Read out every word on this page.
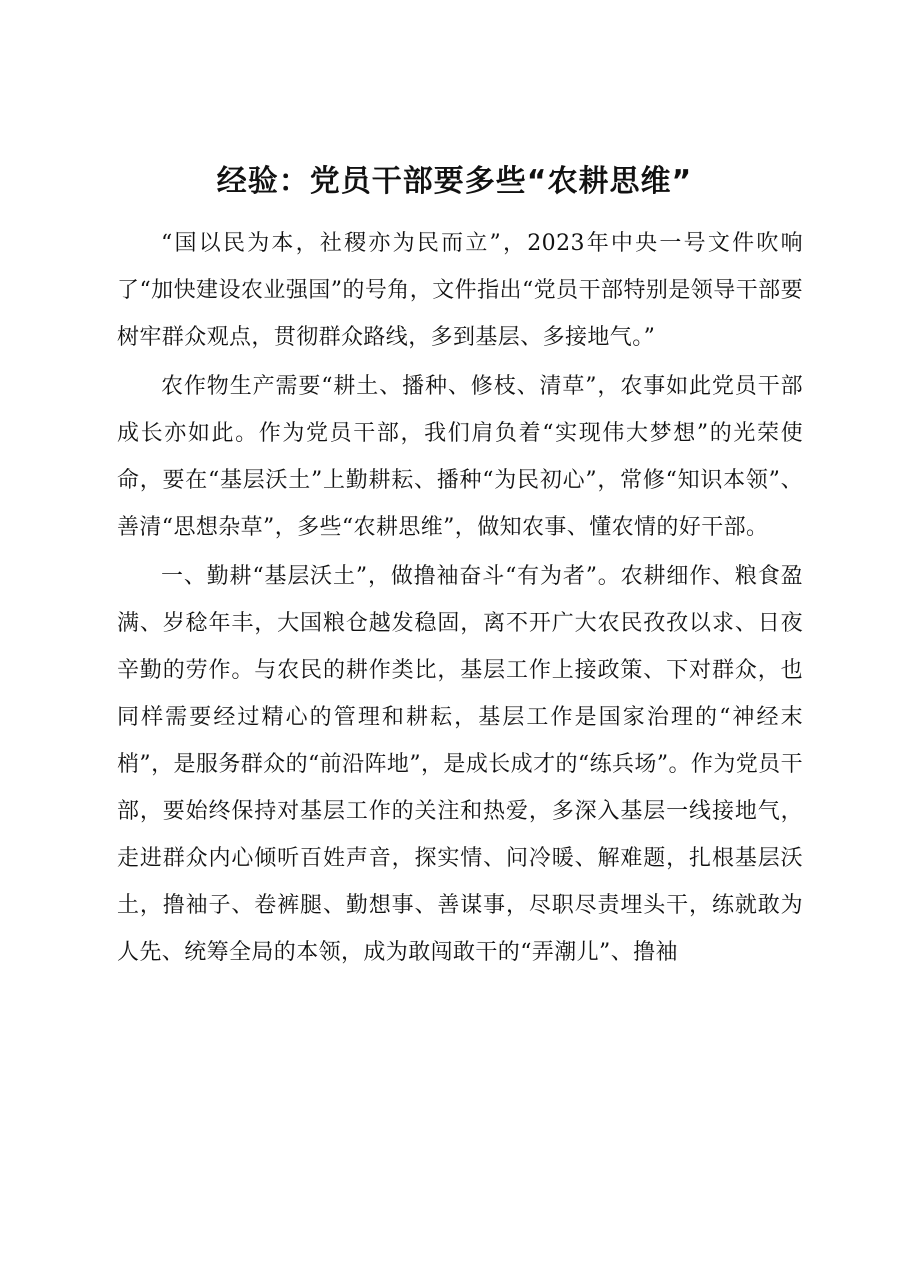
经验：党员干部要多些“农耕思维”

“国以民为本，社稷亦为民而立”，2023年中央一号文件吹响了“加快建设农业强国”的号角，文件指出“党员干部特别是领导干部要树牢群众观点，贯彻群众路线，多到基层、多接地气。”

农作物生产需要“耕土、播种、修枝、清草”，农事如此党员干部成长亦如此。作为党员干部，我们肩负着“实现伟大梦想”的光荣使命，要在“基层沃土”上勤耕耘、播种“为民初心”，常修“知识本领”、善清“思想杂草”，多些“农耕思维”，做知农事、懂农情的好干部。

一、勤耕“基层沃土”，做撸袖奋斗“有为者”。农耕细作、粮食盈满、岁稔年丰，大国粮仓越发稳固，离不开广大农民孜孜以求、日夜辛勤的劳作。与农民的耕作类比，基层工作上接政策、下对群众，也同样需要经过精心的管理和耕耘，基层工作是国家治理的“神经末梢”，是服务群众的“前沿阵地”，是成长成才的“练兵场”。作为党员干部，要始终保持对基层工作的关注和热爱，多深入基层一线接地气，走进群众内心倾听百姓声音，探实情、问冷暖、解难题，扎根基层沃土，撸袖子、卷裤腿、勤想事、善谋事，尽职尽责埋头干，练就敢为人先、统筹全局的本领，成为敢闯敢干的“弄潮儿”、撸袖
